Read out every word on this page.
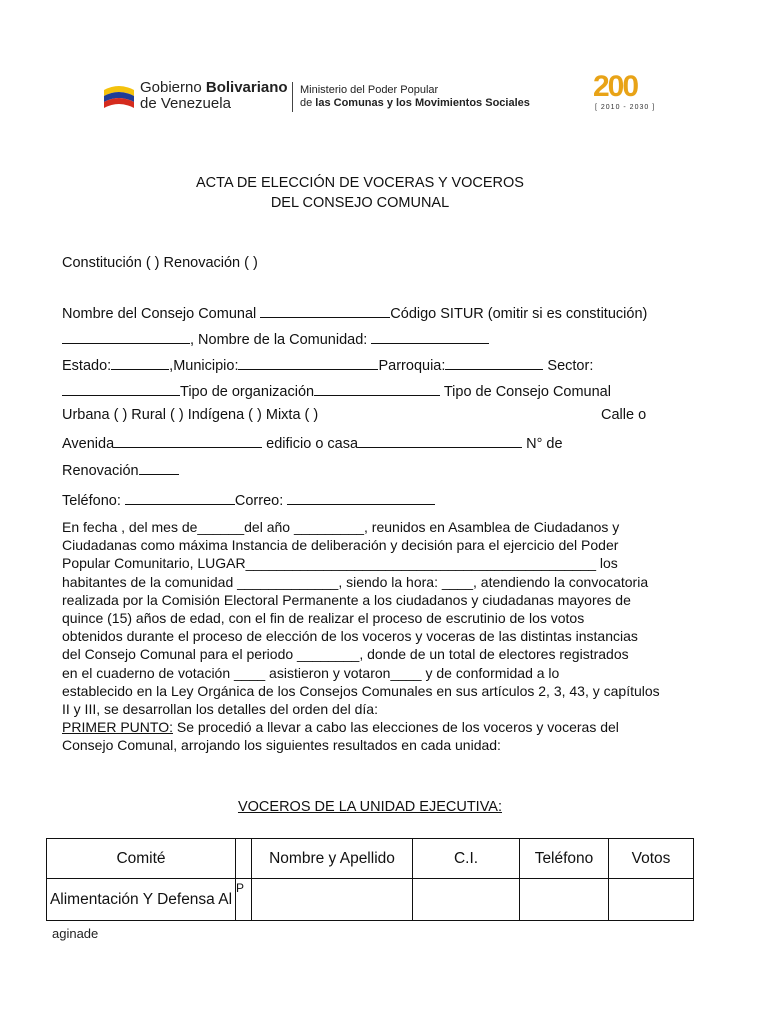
Gobierno Bolivariano
de Venezuela
Ministerio del Poder Popular
de las Comunas y los Movimientos Sociales 200
[ 2010 - 2030 ]
ACTA DE ELECCIÓN DE VOCERAS Y VOCEROS
DEL CONSEJO COMUNAL
Constitución ( ) Renovación ( )
Nombre del Consejo Comunal	Código SITUR (omitir si es constitución)
, Nombre de la Comunidad:
Estado:	,Municipio:	Parroquia:	Sector:
Tipo de organización	Tipo de Consejo Comunal
Urbana ( ) Rural ( ) Indígena ( ) Mixta ( )	Calle o
Avenida	edificio o casa	N° de
Renovación
Teléfono:	Correo:
En fecha , del mes de______del año _________, reunidos en Asamblea de Ciudadanos y
Ciudadanas como máxima Instancia de deliberación y decisión para el ejercicio del Poder
Popular Comunitario, LUGAR_____________________________________________ los
habitantes de la comunidad _____________, siendo la hora: ____, atendiendo la convocatoria
realizada por la Comisión Electoral Permanente a los ciudadanos y ciudadanas mayores de
quince (15) años de edad, con el fin de realizar el proceso de escrutinio de los votos
obtenidos durante el proceso de elección de los voceros y voceras de las distintas instancias
del Consejo Comunal para el periodo ________, donde de un total de electores registrados
en el cuaderno de votación ____ asistieron y votaron____ y de conformidad a lo
establecido en la Ley Orgánica de los Consejos Comunales en sus artículos 2, 3, 43, y capítulos
II y III, se desarrollan los detalles del orden del día:
PRIMER PUNTO: Se procedió a llevar a cabo las elecciones de los voceros y voceras del
Consejo Comunal, arrojando los siguientes resultados en cada unidad:
VOCEROS DE LA UNIDAD EJECUTIVA:
Comité		Nombre y Apellido	C.I.	Teléfono	Votos
Alimentación Y Defensa Al	P				
aginade
